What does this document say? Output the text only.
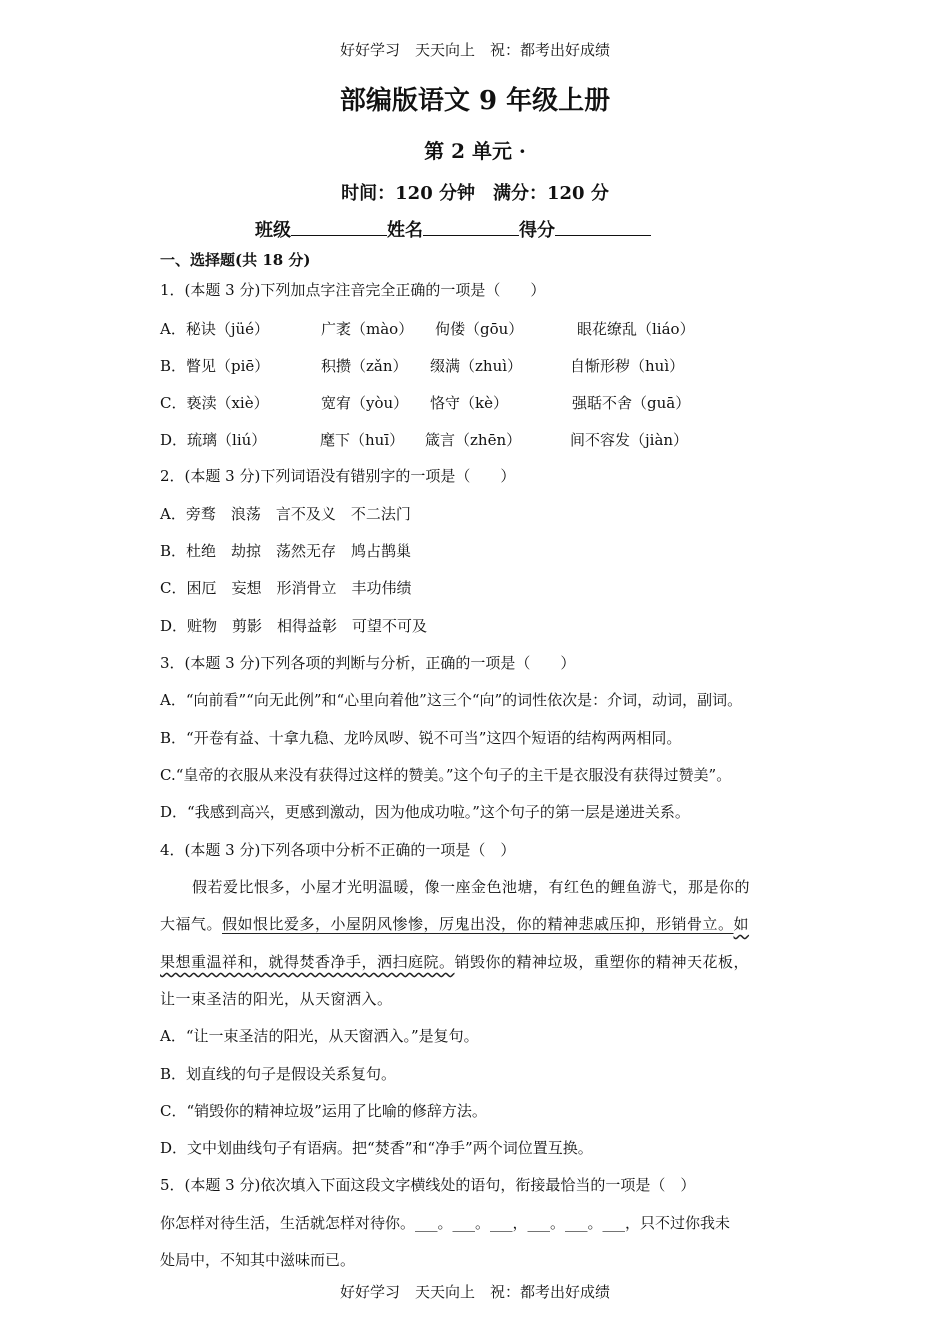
好好学习　天天向上　祝：都考出好成绩
部编版语文 9 年级上册
第 2 单元 ·
时间：120 分钟　满分：120 分
班级	姓名	得分
一、选择题(共 18 分)
1．(本题 3 分)下列加点字注音完全正确的一项是（　　）
A．秘诀（jüé）	广袤（mào） 佝偻（gōu）	眼花缭乱（liáo）
B．瞥见（piē）	积攒（zǎn） 缀满（zhuì）	自惭形秽（huì）
C．亵渎（xiè）	宽宥（yòu） 恪守（kè）	强聒不舍（guā）
D．琉璃（liú）	麾下（huī） 箴言（zhēn）	间不容发（jiàn）
2．(本题 3 分)下列词语没有错别字的一项是（　　）
A．旁骛　浪荡　言不及义　不二法门
B．杜绝　劫掠　荡然无存　鸠占鹊巢
C．困厄　妄想　形消骨立　丰功伟绩
D．赃物　剪影　相得益彰　可望不可及
3．(本题 3 分)下列各项的判断与分析，正确的一项是（　　）
A．“向前看”“向无此例”和“心里向着他”这三个“向”的词性依次是：介词，动词，副词。
B．“开卷有益、十拿九稳、龙吟凤哕、锐不可当”这四个短语的结构两两相同。
C.“皇帝的衣服从来没有获得过这样的赞美。”这个句子的主干是衣服没有获得过赞美”。
D．“我感到高兴，更感到激动，因为他成功啦。”这个句子的第一层是递进关系。
4．(本题 3 分)下列各项中分析不正确的一项是（　）
假若爱比恨多，小屋才光明温暖，像一座金色池塘，有红色的鲤鱼游弋，那是你的
大福气。假如恨比爱多，小屋阴风惨惨，厉鬼出没，你的精神悲戚压抑，形销骨立。如
果想重温祥和，就得焚香净手，洒扫庭院。销毁你的精神垃圾，重塑你的精神天花板，
让一束圣洁的阳光，从天窗洒入。
A．“让一束圣洁的阳光，从天窗洒入。”是复句。
B．划直线的句子是假设关系复句。
C．“销毁你的精神垃圾”运用了比喻的修辞方法。
D．文中划曲线句子有语病。把“焚香”和“净手”两个词位置互换。
5．(本题 3 分)依次填入下面这段文字横线处的语句，衔接最恰当的一项是（　）
你怎样对待生活，生活就怎样对待你。___。___。___，___。___。___，只不过你我未
处局中，不知其中滋味而已。
好好学习　天天向上　祝：都考出好成绩
